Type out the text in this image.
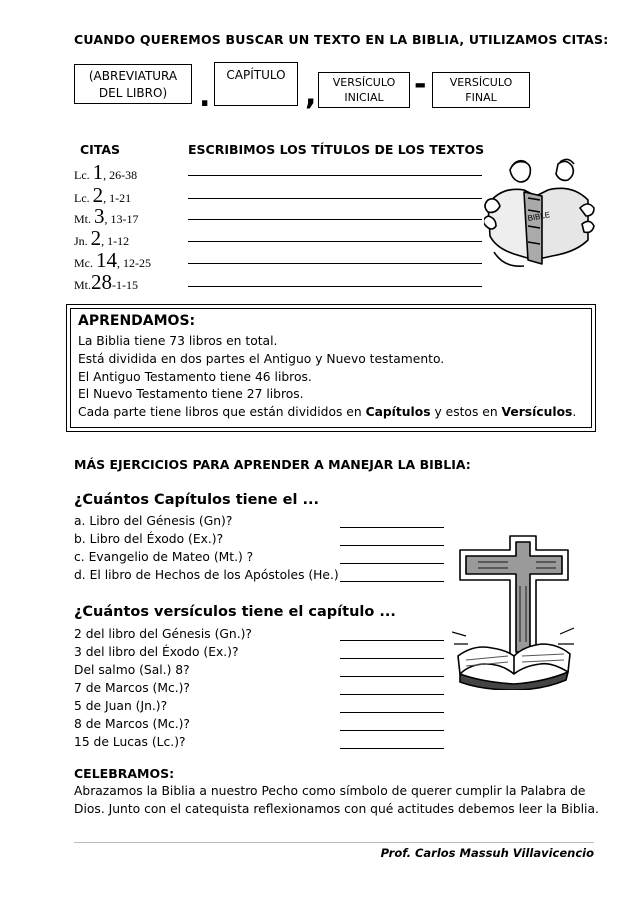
CUANDO QUEREMOS BUSCAR UN TEXTO EN LA BIBLIA, UTILIZAMOS CITAS:
(ABREVIATURA
DEL LIBRO)	.
CAPÍTULO
,	VERSÍCULO
INICIAL	-	VERSÍCULO
FINAL
CITAS	ESCRIBIMOS LOS TÍTULOS DE LOS TEXTOS
Lc. 1, 26-38
Lc. 2, 1-21
Mt. 3, 13-17
Jn. 2, 1-12
Mc. 14, 12-25
Mt.28-1-15
BIBLE
APRENDAMOS:
La Biblia tiene 73 libros en total.
Está dividida en dos partes el Antiguo y Nuevo testamento.
El Antiguo Testamento tiene 46 libros.
El Nuevo Testamento tiene 27 libros.
Cada parte tiene libros que están divididos en Capítulos y estos en Versículos.
MÁS EJERCICIOS PARA APRENDER A MANEJAR LA BIBLIA:
¿Cuántos Capítulos tiene el ...
a. Libro del Génesis (Gn)?
b. Libro del Éxodo (Ex.)?
c. Evangelio de Mateo (Mt.) ?
d. El libro de Hechos de los Apóstoles (He.)
¿Cuántos versículos tiene el capítulo ...
2 del libro del Génesis (Gn.)?
3 del libro del Éxodo (Ex.)?
Del salmo (Sal.) 8?
7 de Marcos (Mc.)?
5 de Juan (Jn.)?
8 de Marcos (Mc.)?
15 de Lucas (Lc.)?
CELEBRAMOS:
Abrazamos la Biblia a nuestro Pecho como símbolo de querer cumplir la Palabra de
Dios. Junto con el catequista reflexionamos con qué actitudes debemos leer la Biblia.
Prof. Carlos Massuh Villavicencio
